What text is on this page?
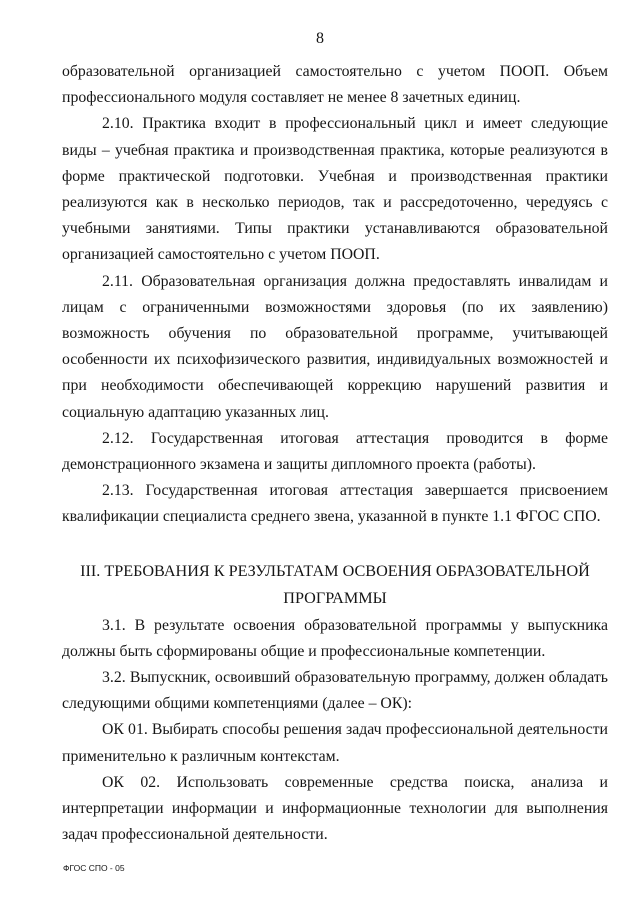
8

образовательной организацией самостоятельно с учетом ПООП. Объем профессионального модуля составляет не менее 8 зачетных единиц.

2.10. Практика входит в профессиональный цикл и имеет следующие виды – учебная практика и производственная практика, которые реализуются в форме практической подготовки. Учебная и производственная практики реализуются как в несколько периодов, так и рассредоточенно, чередуясь с учебными занятиями. Типы практики устанавливаются образовательной организацией самостоятельно с учетом ПООП.

2.11. Образовательная организация должна предоставлять инвалидам и лицам с ограниченными возможностями здоровья (по их заявлению) возможность обучения по образовательной программе, учитывающей особенности их психофизического развития, индивидуальных возможностей и при необходимости обеспечивающей коррекцию нарушений развития и социальную адаптацию указанных лиц.

2.12. Государственная итоговая аттестация проводится в форме демонстрационного экзамена и защиты дипломного проекта (работы).

2.13. Государственная итоговая аттестация завершается присвоением квалификации специалиста среднего звена, указанной в пункте 1.1 ФГОС СПО.

III. ТРЕБОВАНИЯ К РЕЗУЛЬТАТАМ ОСВОЕНИЯ ОБРАЗОВАТЕЛЬНОЙ
ПРОГРАММЫ

3.1. В результате освоения образовательной программы у выпускника должны быть сформированы общие и профессиональные компетенции.

3.2. Выпускник, освоивший образовательную программу, должен обладать следующими общими компетенциями (далее – ОК):

ОК 01. Выбирать способы решения задач профессиональной деятельности применительно к различным контекстам.

ОК 02. Использовать современные средства поиска, анализа и интерпретации информации и информационные технологии для выполнения задач профессиональной деятельности.

ФГОС СПО - 05
